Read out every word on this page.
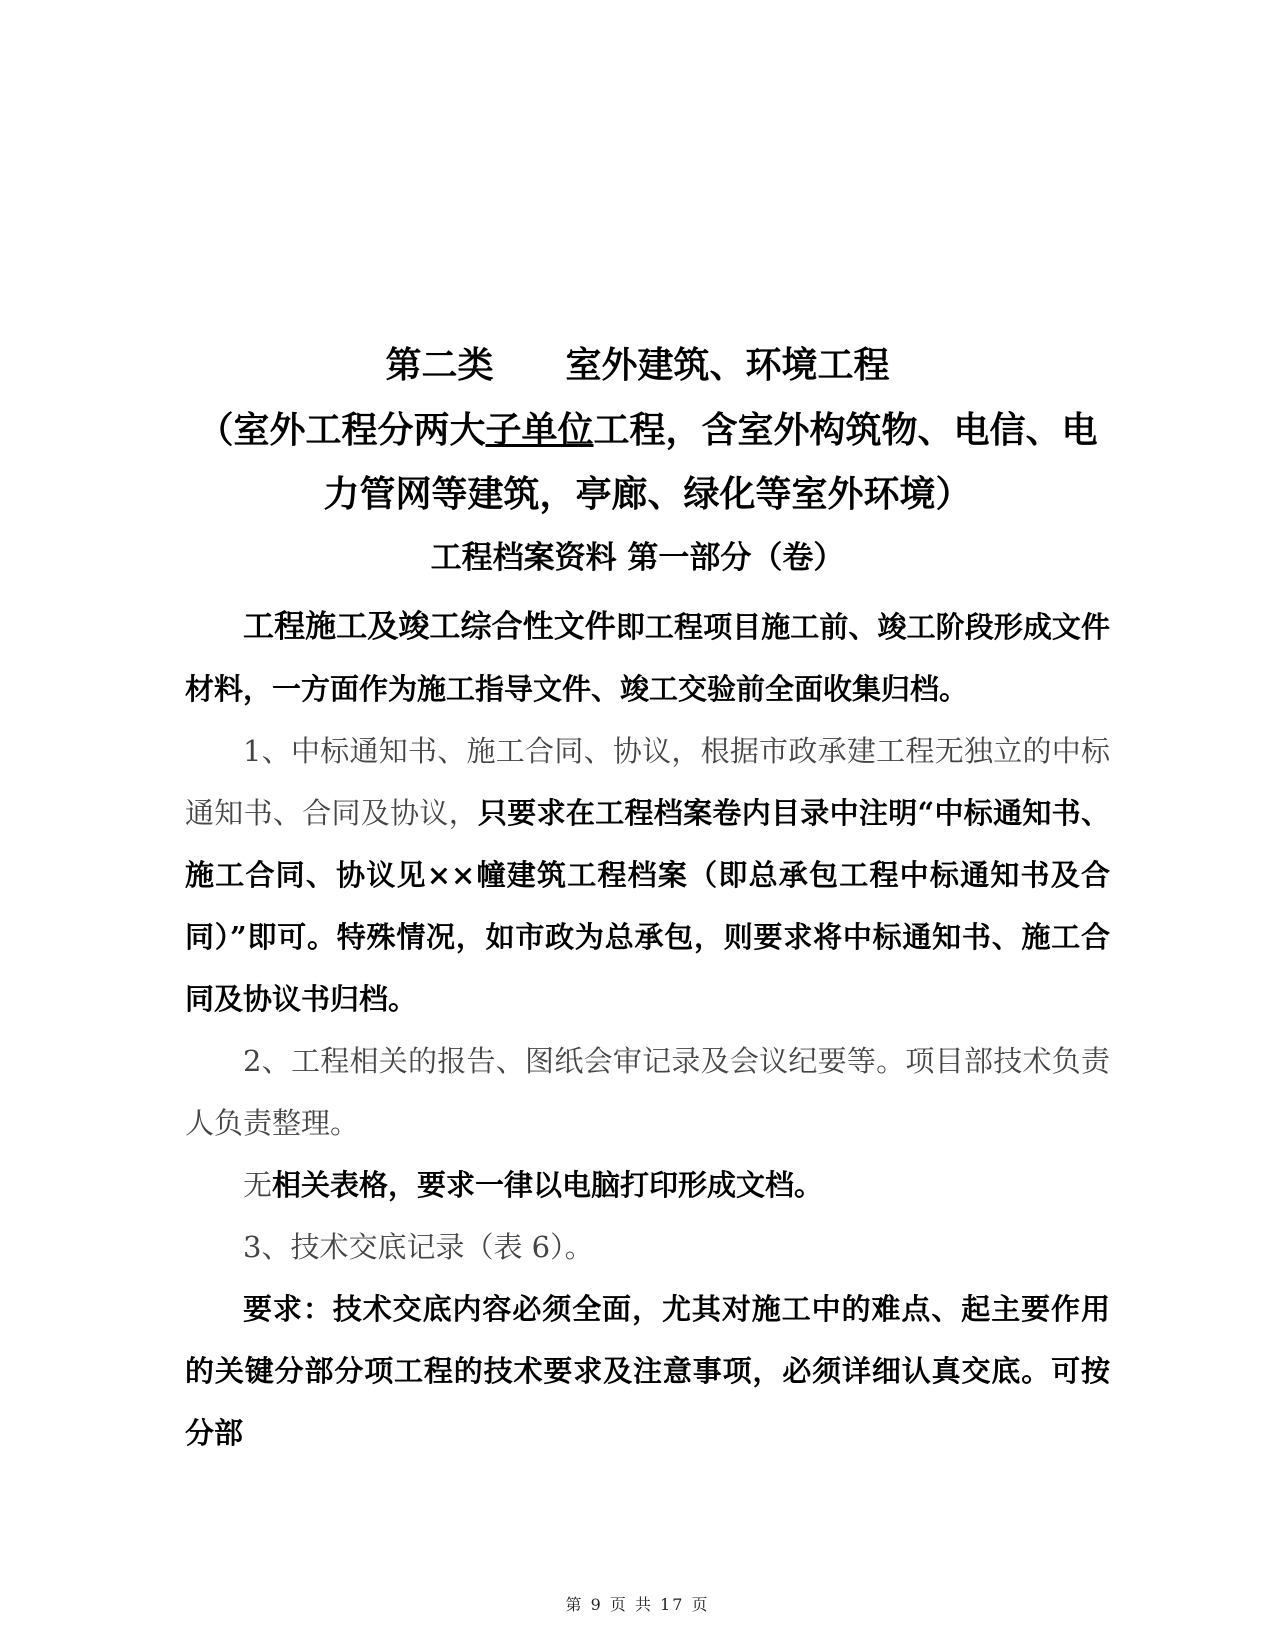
第二类　　室外建筑、环境工程
（室外工程分两大子单位工程，含室外构筑物、电信、电力管网等建筑，亭廊、绿化等室外环境）
工程档案资料 第一部分（卷）

工程施工及竣工综合性文件即工程项目施工前、竣工阶段形成文件材料，一方面作为施工指导文件、竣工交验前全面收集归档。

1、中标通知书、施工合同、协议，根据市政承建工程无独立的中标通知书、合同及协议，只要求在工程档案卷内目录中注明“中标通知书、施工合同、协议见××幢建筑工程档案（即总承包工程中标通知书及合同）”即可。特殊情况，如市政为总承包，则要求将中标通知书、施工合同及协议书归档。

2、工程相关的报告、图纸会审记录及会议纪要等。项目部技术负责人负责整理。

无相关表格，要求一律以电脑打印形成文档。

3、技术交底记录（表 6）。

要求：技术交底内容必须全面，尤其对施工中的难点、起主要作用的关键分部分项工程的技术要求及注意事项，必须详细认真交底。可按分部

第 9 页 共 17 页
